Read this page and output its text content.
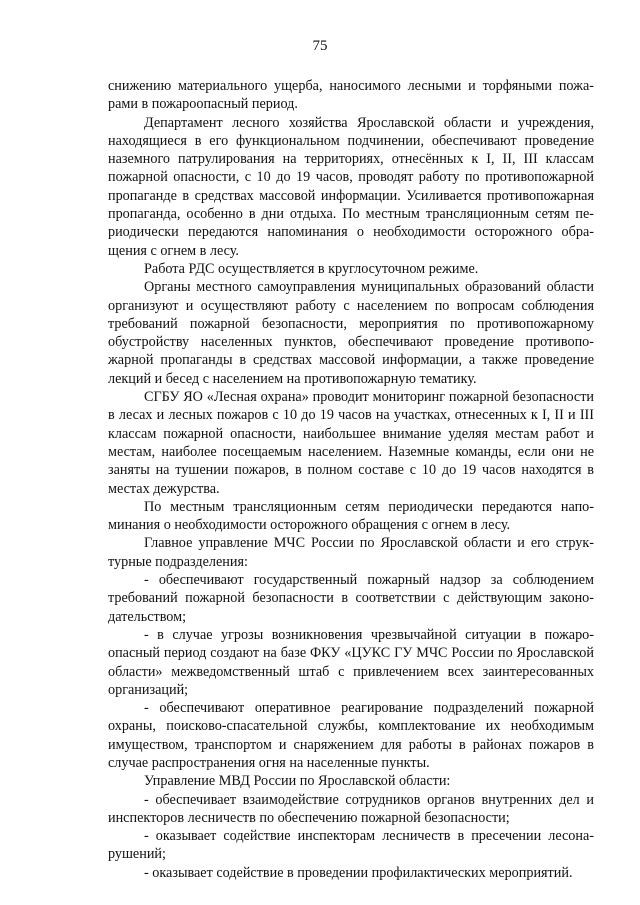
75

снижению материального ущерба, наносимого лесными и торфяными пожарами в пожароопасный период.

Департамент лесного хозяйства Ярославской области и учреждения, находящиеся в его функциональном подчинении, обеспечивают проведение наземного патрулирования на территориях, отнесённых к I, II, III классам пожарной опасности, с 10 до 19 часов, проводят работу по противопожарной пропаганде в средствах массовой информации. Усиливается противопожарная пропаганда, особенно в дни отдыха. По местным трансляционным сетям периодически передаются напоминания о необходимости осторожного обращения с огнем в лесу.

Работа РДС осуществляется в круглосуточном режиме.

Органы местного самоуправления муниципальных образований области организуют и осуществляют работу с населением по вопросам соблюдения требований пожарной безопасности, мероприятия по противопожарному обустройству населенных пунктов, обеспечивают проведение противопожарной пропаганды в средствах массовой информации, а также проведение лекций и бесед с населением на противопожарную тематику.

СГБУ ЯО «Лесная охрана» проводит мониторинг пожарной безопасности в лесах и лесных пожаров с 10 до 19 часов на участках, отнесенных к I, II и III классам пожарной опасности, наибольшее внимание уделяя местам работ и местам, наиболее посещаемым населением. Наземные команды, если они не заняты на тушении пожаров, в полном составе с 10 до 19 часов находятся в местах дежурства.

По местным трансляционным сетям периодически передаются напоминания о необходимости осторожного обращения с огнем в лесу.

Главное управление МЧС России по Ярославской области и его структурные подразделения:

- обеспечивают государственный пожарный надзор за соблюдением требований пожарной безопасности в соответствии с действующим законодательством;

- в случае угрозы возникновения чрезвычайной ситуации в пожароопасный период создают на базе ФКУ «ЦУКС ГУ МЧС России по Ярославской области» межведомственный штаб с привлечением всех заинтересованных организаций;

- обеспечивают оперативное реагирование подразделений пожарной охраны, поисково-спасательной службы, комплектование их необходимым имуществом, транспортом и снаряжением для работы в районах пожаров в случае распространения огня на населенные пункты.

Управление МВД России по Ярославской области:

- обеспечивает взаимодействие сотрудников органов внутренних дел и инспекторов лесничеств по обеспечению пожарной безопасности;

- оказывает содействие инспекторам лесничеств в пресечении лесонарушений;

- оказывает содействие в проведении профилактических мероприятий.
